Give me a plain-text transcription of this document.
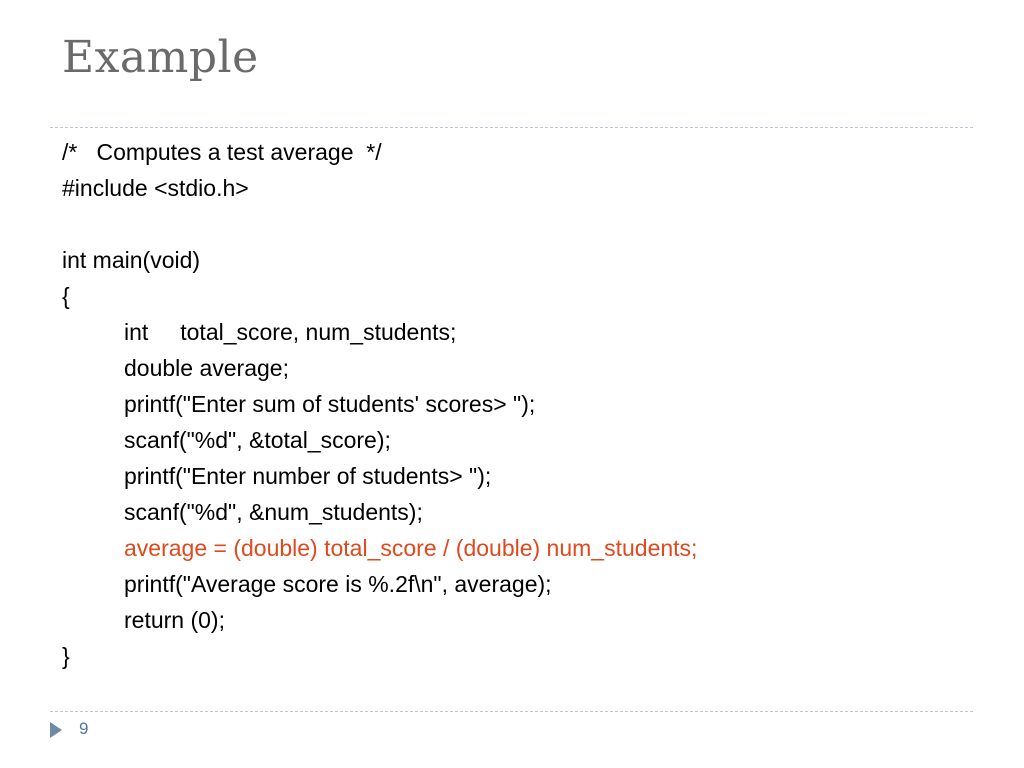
Example
/*   Computes a test average  */
#include <stdio.h>

int main(void)
{
int     total_score, num_students;
double average;
printf("Enter sum of students' scores> ");
scanf("%d", &total_score);
printf("Enter number of students> ");
scanf("%d", &num_students);
average = (double) total_score / (double) num_students;
printf("Average score is %.2f\n", average);
return (0);
}
9
